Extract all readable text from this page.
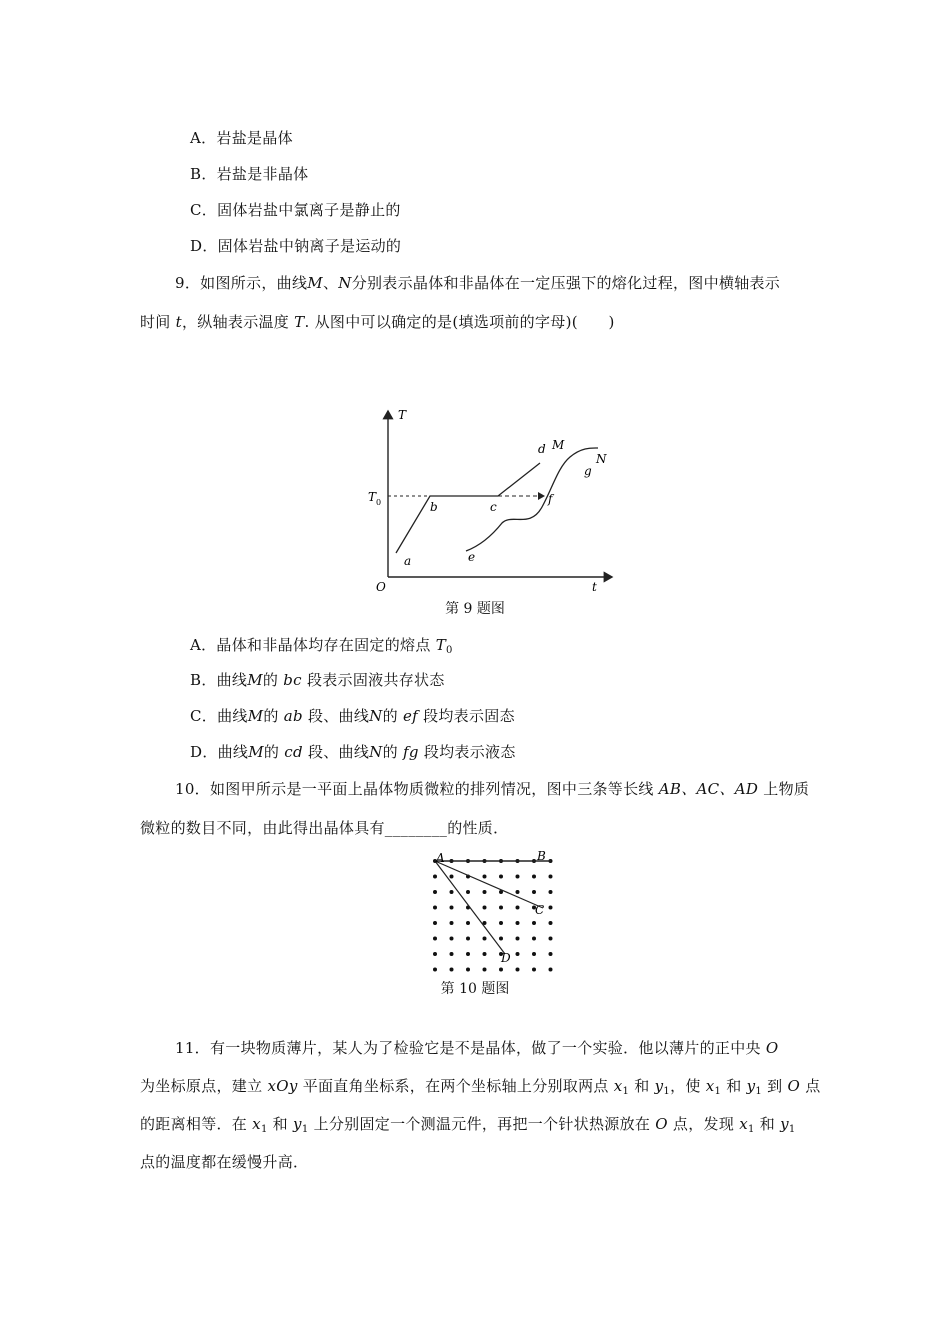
A．岩盐是晶体
B．岩盐是非晶体
C．固体岩盐中氯离子是静止的
D．固体岩盐中钠离子是运动的
9．如图所示，曲线M、N分别表示晶体和非晶体在一定压强下的熔化过程，图中横轴表示
时间 t，纵轴表示温度 T. 从图中可以确定的是(填选项前的字母)(　　)
T
t
O
T 0
a
b	c
d M
N
g
f
e
第 9 题图
A．晶体和非晶体均存在固定的熔点 $T_0$
B．曲线M的 bc 段表示固液共存状态
C．曲线M的 ab 段、曲线N的 ef 段均表示固态
D．曲线M的 cd 段、曲线N的 fg 段均表示液态
10．如图甲所示是一平面上晶体物质微粒的排列情况，图中三条等长线 AB、AC、AD 上物质
微粒的数目不同，由此得出晶体具有________的性质．
A	B
C
D
第 10 题图
11．有一块物质薄片，某人为了检验它是不是晶体，做了一个实验．他以薄片的正中央 O
为坐标原点，建立 xOy 平面直角坐标系，在两个坐标轴上分别取两点 $x_1$ 和 $y_1$，使 $x_1$ 和 $y_1$ 到 O 点
的距离相等．在 $x_1$ 和 $y_1$ 上分别固定一个测温元件，再把一个针状热源放在 O 点，发现 $x_1$ 和 $y_1$
点的温度都在缓慢升高．
